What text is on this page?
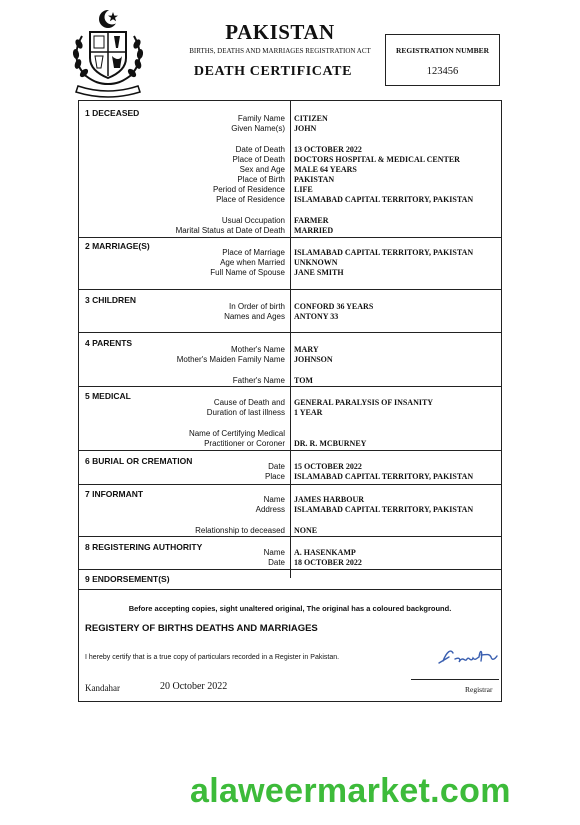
PAKISTAN
BIRTHS, DEATHS AND MARRIAGES REGISTRATION ACT
DEATH CERTIFICATE
REGISTRATION NUMBER
123456
1 DECEASED
Family Name CITIZEN
Given Name(s) JOHN
Date of Death 13 OCTOBER 2022
Place of Death DOCTORS HOSPITAL & MEDICAL CENTER
Sex and Age MALE 64 YEARS
Place of Birth PAKISTAN
Period of Residence LIFE
Place of Residence ISLAMABAD CAPITAL TERRITORY, PAKISTAN
Usual Occupation FARMER
Marital Status at Date of Death MARRIED
2 MARRIAGE(S)
Place of Marriage ISLAMABAD CAPITAL TERRITORY, PAKISTAN
Age when Married UNKNOWN
Full Name of Spouse JANE SMITH
3 CHILDREN
In Order of birth CONFORD 36 YEARS
Names and Ages ANTONY 33
4 PARENTS
Mother's Name MARY
Mother's Maiden Family Name JOHNSON
Father's Name TOM
5 MEDICAL
Cause of Death and GENERAL PARALYSIS OF INSANITY
Duration of last illness 1 YEAR
Name of Certifying Medical
Practitioner or Coroner DR. R. MCBURNEY
6 BURIAL OR CREMATION
Date 15 OCTOBER 2022
Place ISLAMABAD CAPITAL TERRITORY, PAKISTAN
7 INFORMANT
Name JAMES HARBOUR
Address ISLAMABAD CAPITAL TERRITORY, PAKISTAN
Relationship to deceased NONE
8 REGISTERING AUTHORITY
Name A. HASENKAMP
Date 18 OCTOBER 2022
9 ENDORSEMENT(S)
Before accepting copies, sight unaltered original, The original has a coloured background.
REGISTERY OF BIRTHS DEATHS AND MARRIAGES
I hereby certify that is a true copy of particulars recorded in a Register in Pakistan.
Kandahar	20 October 2022	Registrar
alaweermarket.com
